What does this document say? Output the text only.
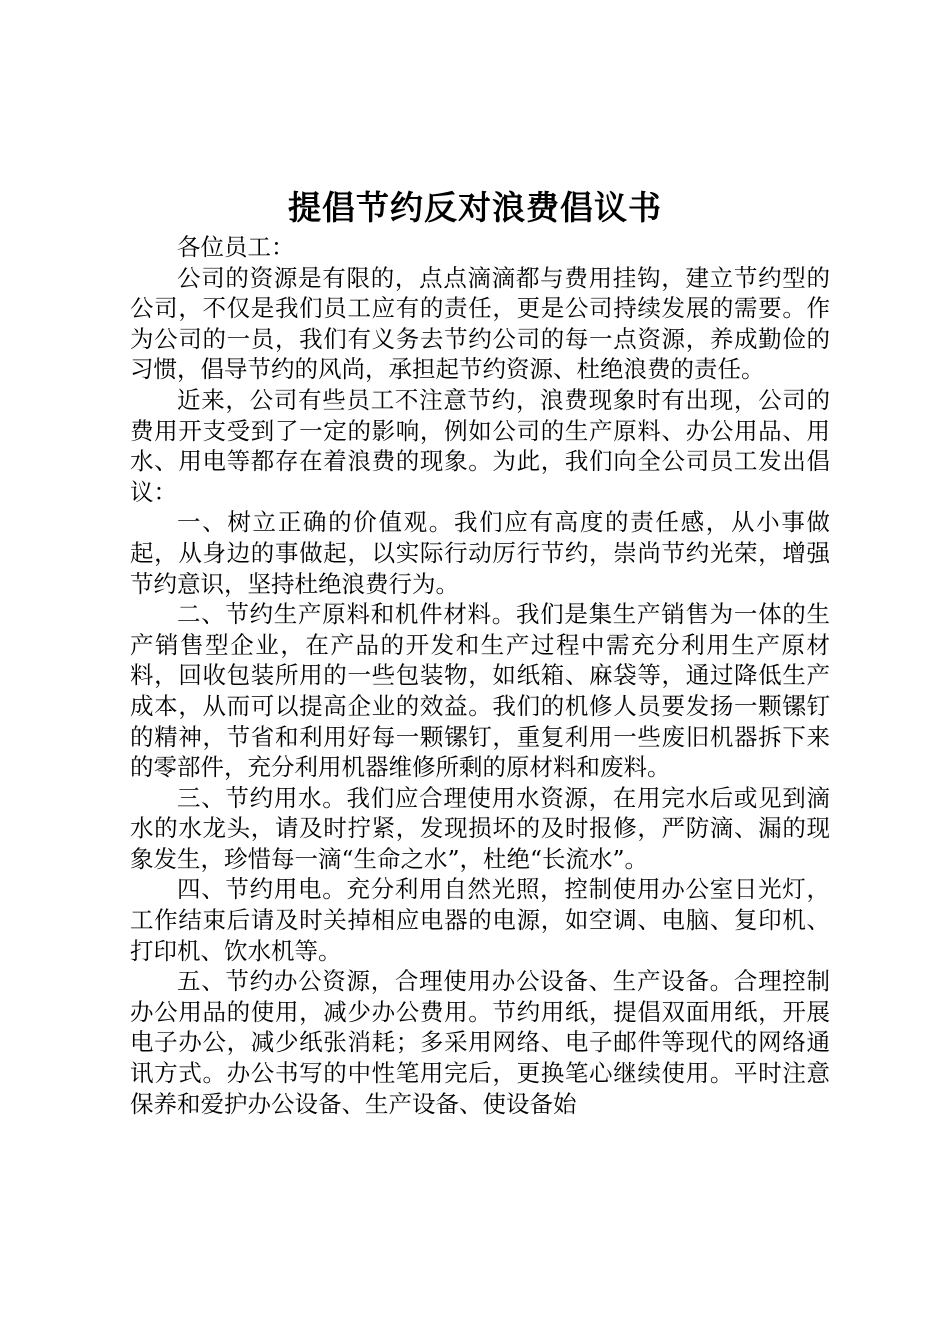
提倡节约反对浪费倡议书

各位员工：

公司的资源是有限的，点点滴滴都与费用挂钩，建立节约型的公司，不仅是我们员工应有的责任，更是公司持续发展的需要。作为公司的一员，我们有义务去节约公司的每一点资源，养成勤俭的习惯，倡导节约的风尚，承担起节约资源、杜绝浪费的责任。

近来，公司有些员工不注意节约，浪费现象时有出现，公司的费用开支受到了一定的影响，例如公司的生产原料、办公用品、用水、用电等都存在着浪费的现象。为此，我们向全公司员工发出倡议：

一、树立正确的价值观。我们应有高度的责任感，从小事做起，从身边的事做起，以实际行动厉行节约，崇尚节约光荣，增强节约意识，坚持杜绝浪费行为。

二、节约生产原料和机件材料。我们是集生产销售为一体的生产销售型企业，在产品的开发和生产过程中需充分利用生产原材料，回收包装所用的一些包装物，如纸箱、麻袋等，通过降低生产成本，从而可以提高企业的效益。我们的机修人员要发扬一颗镙钉的精神，节省和利用好每一颗镙钉，重复利用一些废旧机器拆下来的零部件，充分利用机器维修所剩的原材料和废料。

三、节约用水。我们应合理使用水资源，在用完水后或见到滴水的水龙头，请及时拧紧，发现损坏的及时报修，严防滴、漏的现象发生，珍惜每一滴“生命之水”，杜绝“长流水”。

四、节约用电。充分利用自然光照，控制使用办公室日光灯，工作结束后请及时关掉相应电器的电源，如空调、电脑、复印机、打印机、饮水机等。

五、节约办公资源，合理使用办公设备、生产设备。合理控制办公用品的使用，减少办公费用。节约用纸，提倡双面用纸，开展电子办公，减少纸张消耗；多采用网络、电子邮件等现代的网络通讯方式。办公书写的中性笔用完后，更换笔心继续使用。平时注意保养和爱护办公设备、生产设备、使设备始
